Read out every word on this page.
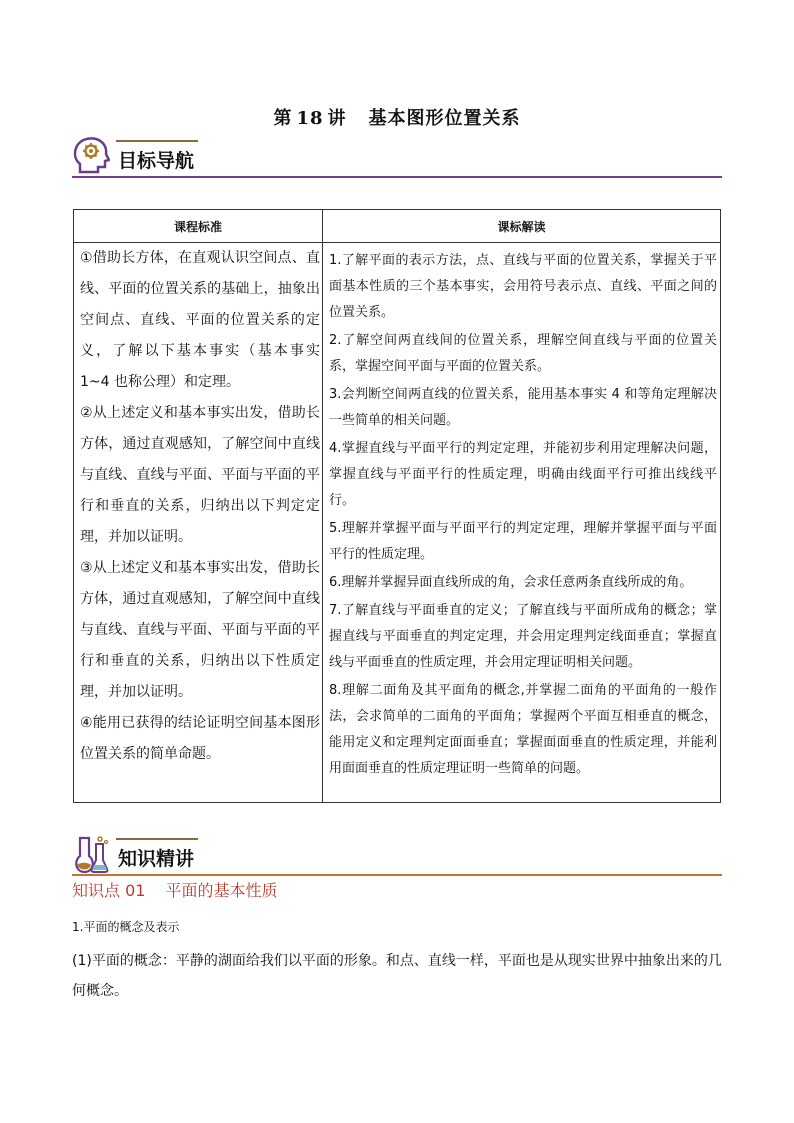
第 18 讲 基本图形位置关系
目标导航
课程标准	课标解读

①借助长方体，在直观认识空间点、直线、平面的位置关系的基础上，抽象出空间点、直线、平面的位置关系的定义，了解以下基本事实（基本事实 1~4 也称公理）和定理。

②从上述定义和基本事实出发，借助长方体，通过直观感知，了解空间中直线与直线、直线与平面、平面与平面的平行和垂直的关系，归纳出以下判定定理，并加以证明。

③从上述定义和基本事实出发，借助长方体，通过直观感知，了解空间中直线与直线、直线与平面、平面与平面的平行和垂直的关系，归纳出以下性质定理，并加以证明。

④能用已获得的结论证明空间基本图形位置关系的简单命题。

1.了解平面的表示方法，点、直线与平面的位置关系，掌握关于平面基本性质的三个基本事实，会用符号表示点、直线、平面之间的位置关系。

2.了解空间两直线间的位置关系，理解空间直线与平面的位置关系，掌握空间平面与平面的位置关系。

3.会判断空间两直线的位置关系，能用基本事实 4 和等角定理解决一些简单的相关问题。

4.掌握直线与平面平行的判定定理，并能初步利用定理解决问题，掌握直线与平面平行的性质定理，明确由线面平行可推出线线平行。

5.理解并掌握平面与平面平行的判定定理，理解并掌握平面与平面平行的性质定理。

6.理解并掌握异面直线所成的角，会求任意两条直线所成的角。

7.了解直线与平面垂直的定义；了解直线与平面所成角的概念；掌握直线与平面垂直的判定定理，并会用定理判定线面垂直；掌握直线与平面垂直的性质定理，并会用定理证明相关问题。

8.理解二面角及其平面角的概念,并掌握二面角的平面角的一般作法，会求简单的二面角的平面角；掌握两个平面互相垂直的概念，能用定义和定理判定面面垂直；掌握面面垂直的性质定理，并能利用面面垂直的性质定理证明一些简单的问题。

知识精讲
知识点 01 平面的基本性质
1.平面的概念及表示
(1)平面的概念：平静的湖面给我们以平面的形象。和点、直线一样，平面也是从现实世界中抽象出来的几何概念。
